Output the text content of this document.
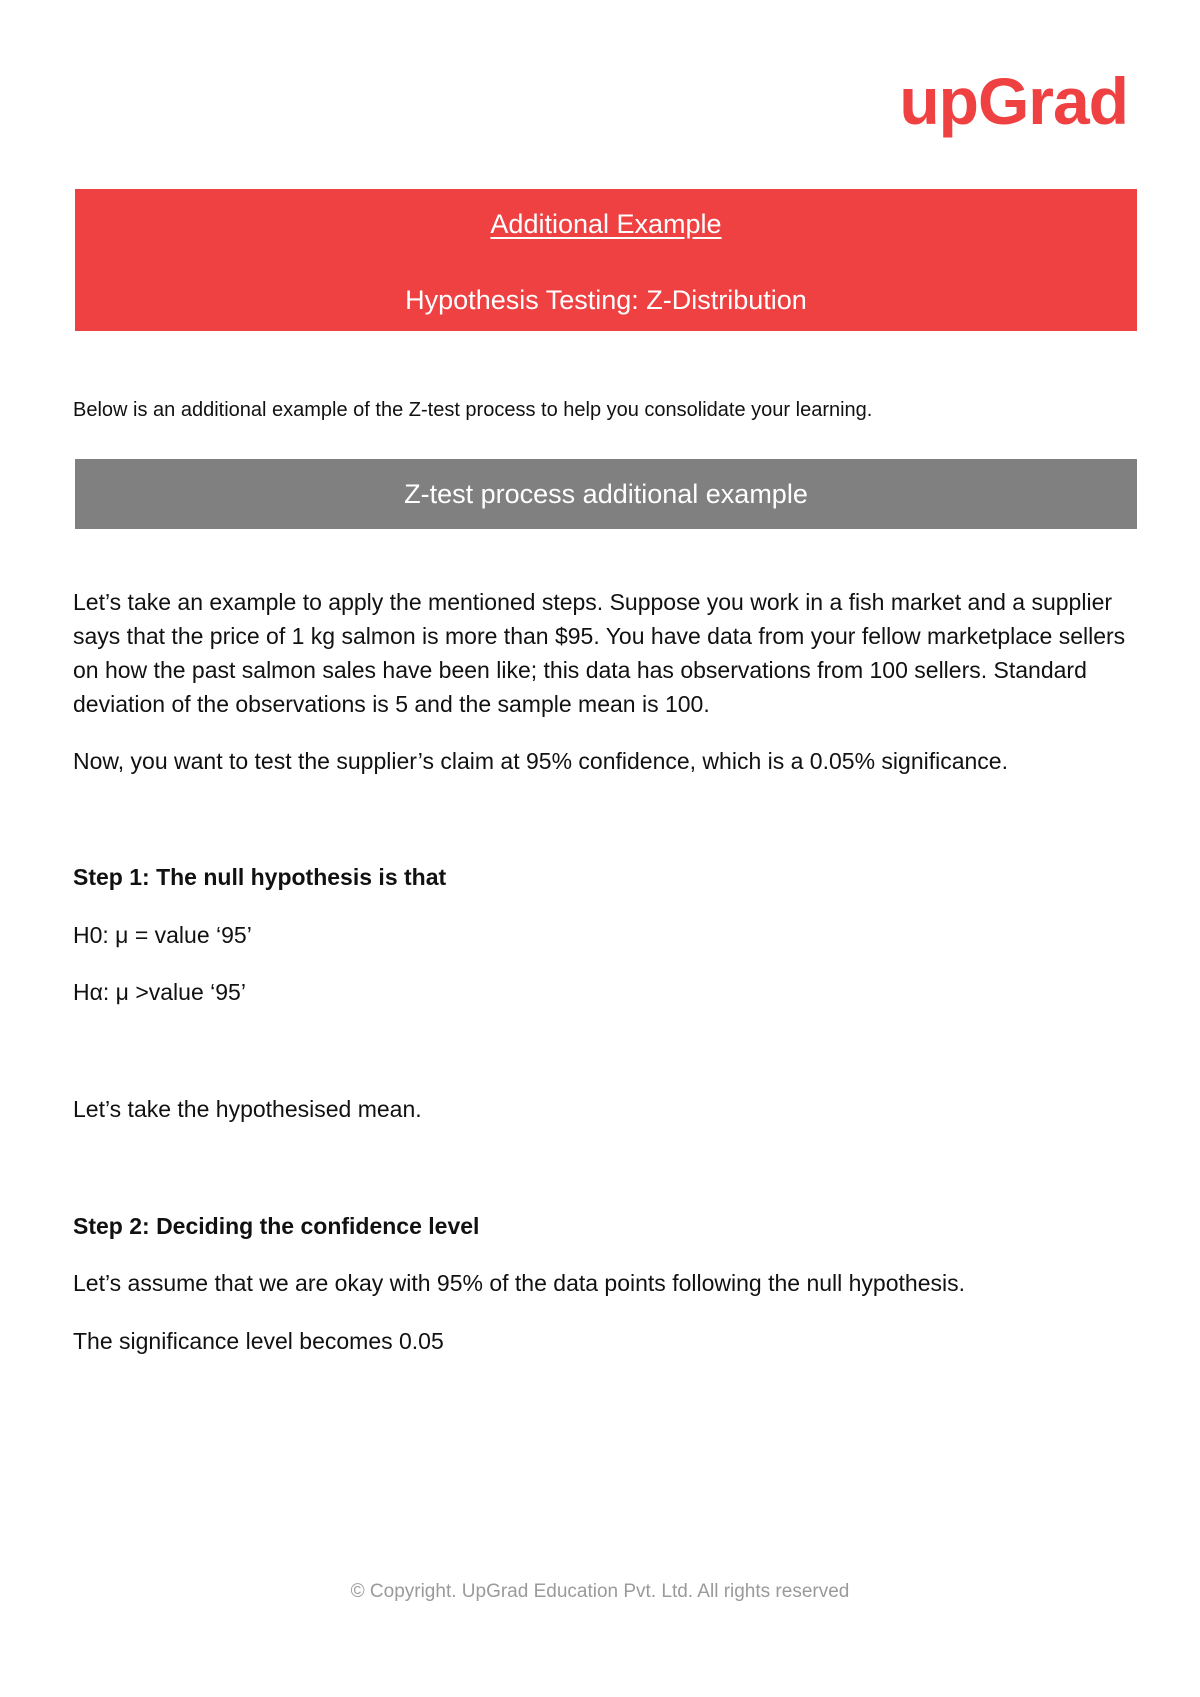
upGrad
Additional Example
Hypothesis Testing: Z-Distribution
Below is an additional example of the Z-test process to help you consolidate your learning.
Z-test process additional example

Let’s take an example to apply the mentioned steps. Suppose you work in a fish market and a supplier says that the price of 1 kg salmon is more than $95. You have data from your fellow marketplace sellers on how the past salmon sales have been like; this data has observations from 100 sellers. Standard deviation of the observations is 5 and the sample mean is 100.

Now, you want to test the supplier’s claim at 95% confidence, which is a 0.05% significance.

Step 1: The null hypothesis is that

H0: μ = value ‘95’

Hα: μ >value ‘95’

Let’s take the hypothesised mean.

Step 2: Deciding the confidence level

Let’s assume that we are okay with 95% of the data points following the null hypothesis.

The significance level becomes 0.05

© Copyright. UpGrad Education Pvt. Ltd. All rights reserved
